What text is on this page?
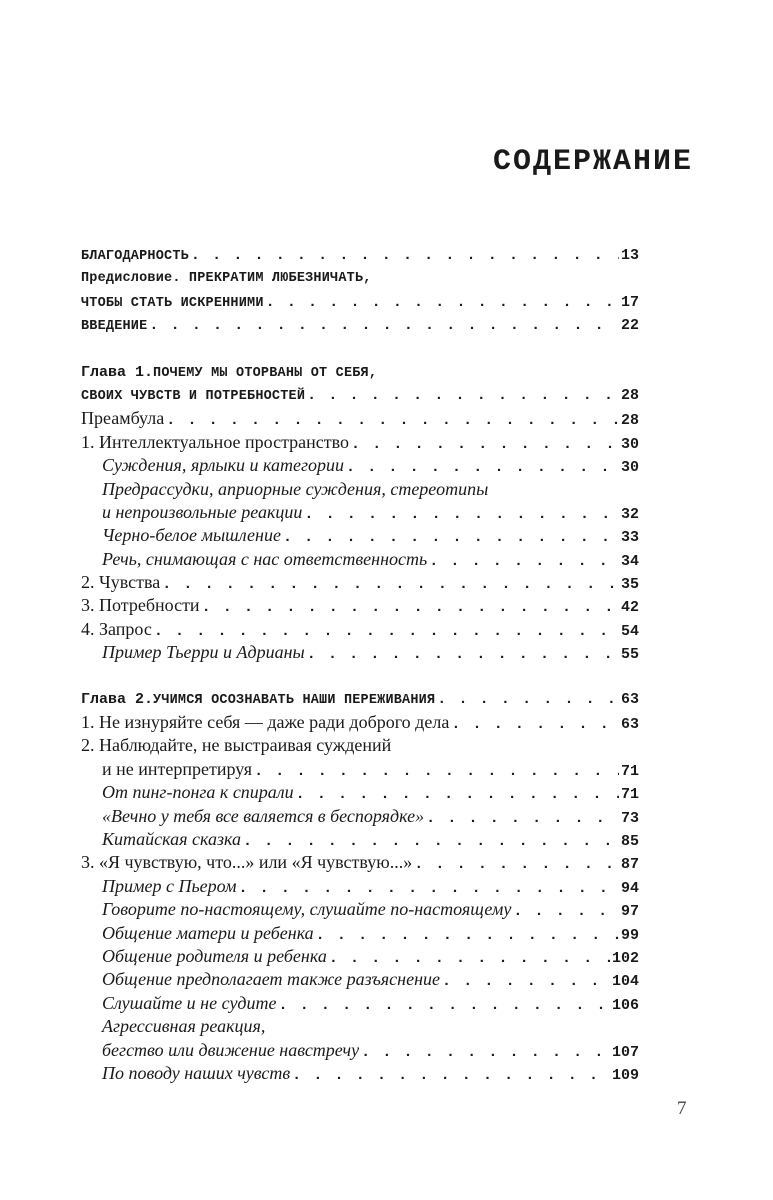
СОДЕРЖАНИЕ
БЛАГОДАРНОСТЬ . . .	13
Предисловие. ПРЕКРАТИМ ЛЮБЕЗНИЧАТЬ,
ЧТОБЫ СТАТЬ ИСКРЕННИМИ . . .	17
ВВЕДЕНИЕ . . .	22
Глава 1. ПОЧЕМУ МЫ ОТОРВАНЫ ОТ СЕБЯ,
СВОИХ ЧУВСТВ И ПОТРЕБНОСТЕЙ . . .	28
Преамбула . . .	28
1. Интеллектуальное пространство . . .	30
Суждения, ярлыки и категории . . .	30
Предрассудки, априорные суждения, стереотипы
и непроизвольные реакции . . .	32
Черно-белое мышление . . .	33
Речь, снимающая с нас ответственность . . .	34
2. Чувства . . .	35
3. Потребности . . .	42
4. Запрос . . .	54
Пример Тьерри и Адрианы . . .	55
Глава 2. УЧИМСЯ ОСОЗНАВАТЬ НАШИ ПЕРЕЖИВАНИЯ . . .	63
1. Не изнуряйте себя — даже ради доброго дела . . .	63
2. Наблюдайте, не выстраивая суждений
и не интерпретируя . . .	71
От пинг-понга к спирали . . .	71
«Вечно у тебя все валяется в беспорядке» . . .	73
Китайская сказка . . .	85
3. «Я чувствую, что...» или «Я чувствую...» . . .	87
Пример с Пьером . . .	94
Говорите по-настоящему, слушайте по-настоящему . . .	97
Общение матери и ребенка . . .	99
Общение родителя и ребенка . . .	102
Общение предполагает также разъяснение . . .	104
Слушайте и не судите . . .	106
Агрессивная реакция,
бегство или движение навстречу . . .	107
По поводу наших чувств . . .	109
7
